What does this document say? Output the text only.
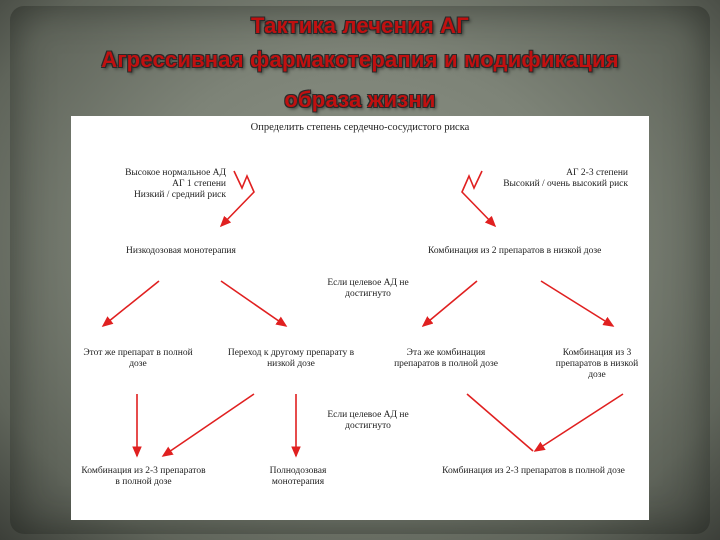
Тактика лечения АГ
Агрессивная фармакотерапия и модификация
образа жизни
Определить степень сердечно-сосудистого риска
Высокое нормальное АД
АГ 1 степени
Низкий / средний риск
АГ 2-3 степени
Высокий / очень высокий риск
Низкодозовая монотерапия	Комбинация из 2 препаратов в низкой дозе
Если целевое АД не
достигнуто
Этот же препарат в полной
дозе
Переход к другому препарату в
низкой дозе
Эта же комбинация
препаратов в полной дозе
Комбинация из 3
препаратов в низкой
дозе
Если целевое АД не
достигнуто
Комбинация из 2-3 препаратов
в полной дозе
Полнодозовая
монотерапия
Комбинация из 2-3 препаратов в полной дозе
